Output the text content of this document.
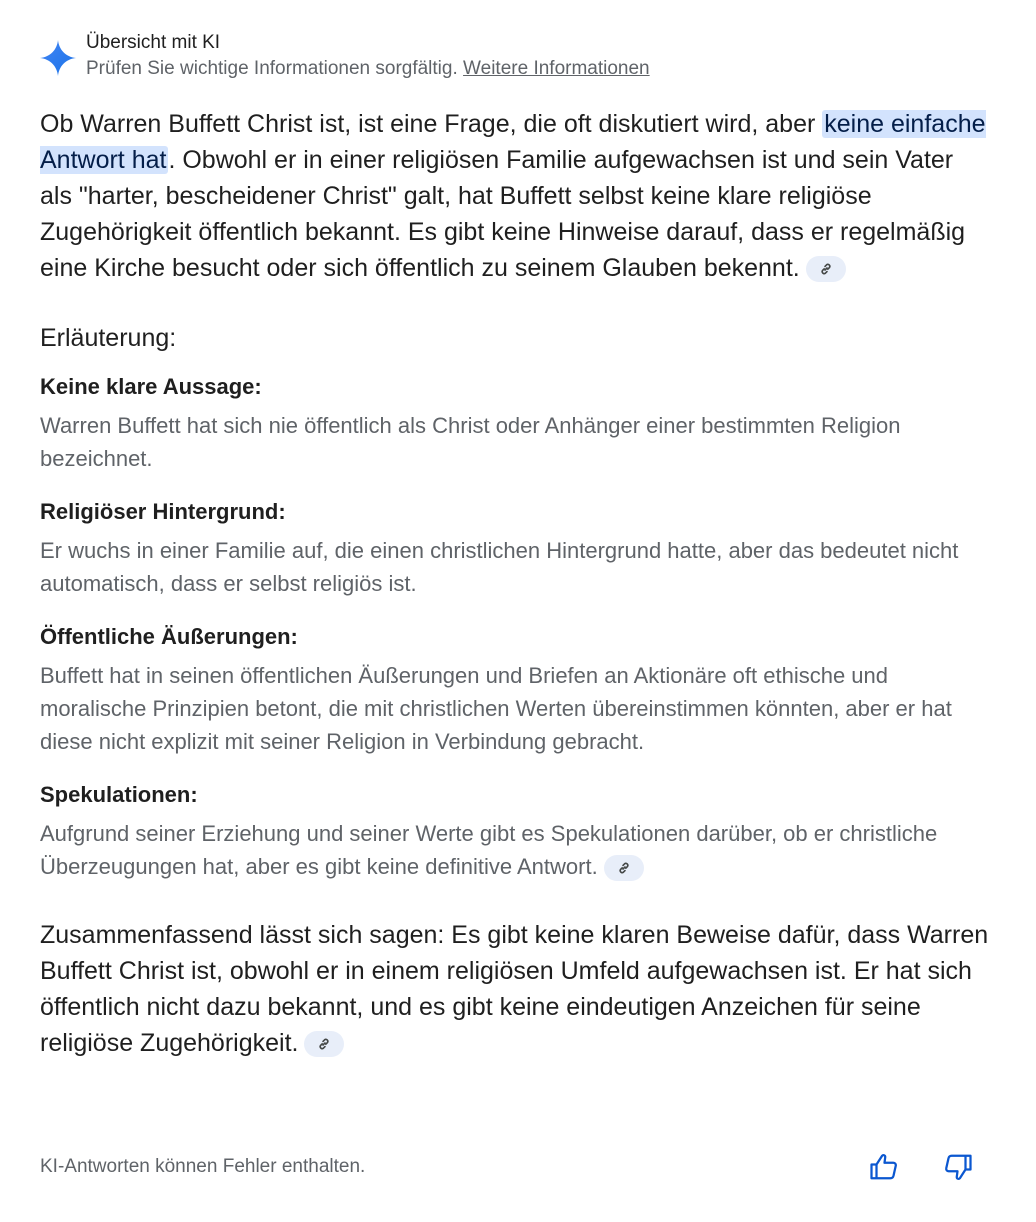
Übersicht mit KI
Prüfen Sie wichtige Informationen sorgfältig. Weitere Informationen
Ob Warren Buffett Christ ist, ist eine Frage, die oft diskutiert wird, aber keine einfache Antwort hat. Obwohl er in einer religiösen Familie aufgewachsen ist und sein Vater als "harter, bescheidener Christ" galt, hat Buffett selbst keine klare religiöse Zugehörigkeit öffentlich bekannt. Es gibt keine Hinweise darauf, dass er regelmäßig eine Kirche besucht oder sich öffentlich zu seinem Glauben bekennt.
Erläuterung:
Keine klare Aussage:
Warren Buffett hat sich nie öffentlich als Christ oder Anhänger einer bestimmten Religion bezeichnet.
Religiöser Hintergrund:
Er wuchs in einer Familie auf, die einen christlichen Hintergrund hatte, aber das bedeutet nicht automatisch, dass er selbst religiös ist.
Öffentliche Äußerungen:
Buffett hat in seinen öffentlichen Äußerungen und Briefen an Aktionäre oft ethische und moralische Prinzipien betont, die mit christlichen Werten übereinstimmen könnten, aber er hat diese nicht explizit mit seiner Religion in Verbindung gebracht.
Spekulationen:
Aufgrund seiner Erziehung und seiner Werte gibt es Spekulationen darüber, ob er christliche Überzeugungen hat, aber es gibt keine definitive Antwort.
Zusammenfassend lässt sich sagen: Es gibt keine klaren Beweise dafür, dass Warren Buffett Christ ist, obwohl er in einem religiösen Umfeld aufgewachsen ist. Er hat sich öffentlich nicht dazu bekannt, und es gibt keine eindeutigen Anzeichen für seine religiöse Zugehörigkeit.
KI-Antworten können Fehler enthalten.
